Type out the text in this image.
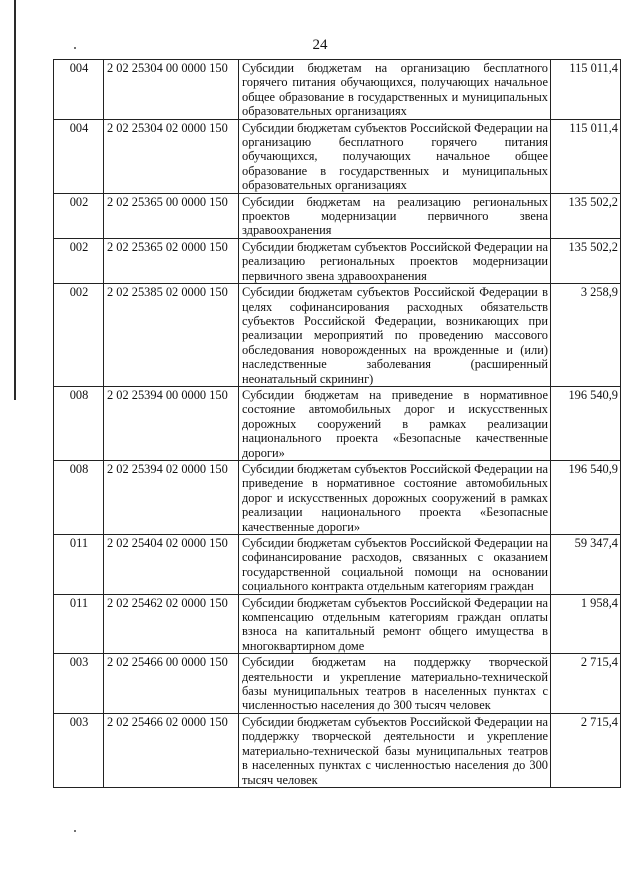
24
004	2 02 25304 00 0000 150	Субсидии бюджетам на организацию бесплатного горячего питания обучающихся, получающих начальное общее образование в государственных и муниципальных образовательных организациях	115 011,4
004	2 02 25304 02 0000 150	Субсидии бюджетам субъектов Российской Федерации на организацию бесплатного горячего питания обучающихся, получающих начальное общее образование в государственных и муниципальных образовательных организациях	115 011,4
002	2 02 25365 00 0000 150	Субсидии бюджетам на реализацию региональных проектов модернизации первичного звена здравоохранения	135 502,2
002	2 02 25365 02 0000 150	Субсидии бюджетам субъектов Российской Федерации на реализацию региональных проектов модернизации первичного звена здравоохранения	135 502,2
002	2 02 25385 02 0000 150	Субсидии бюджетам субъектов Российской Федерации в целях софинансирования расходных обязательств субъектов Российской Федерации, возникающих при реализации мероприятий по проведению массового обследования новорожденных на врожденные и (или) наследственные заболевания (расширенный неонатальный скрининг)	3 258,9
008	2 02 25394 00 0000 150	Субсидии бюджетам на приведение в нормативное состояние автомобильных дорог и искусственных дорожных сооружений в рамках реализации национального проекта «Безопасные качественные дороги»	196 540,9
008	2 02 25394 02 0000 150	Субсидии бюджетам субъектов Российской Федерации на приведение в нормативное состояние автомобильных дорог и искусственных дорожных сооружений в рамках реализации национального проекта «Безопасные качественные дороги»	196 540,9
011	2 02 25404 02 0000 150	Субсидии бюджетам субъектов Российской Федерации на софинансирование расходов, связанных с оказанием государственной социальной помощи на основании социального контракта отдельным категориям граждан	59 347,4
011	2 02 25462 02 0000 150	Субсидии бюджетам субъектов Российской Федерации на компенсацию отдельным категориям граждан оплаты взноса на капитальный ремонт общего имущества в многоквартирном доме	1 958,4
003	2 02 25466 00 0000 150	Субсидии бюджетам на поддержку творческой деятельности и укрепление материально-технической базы муниципальных театров в населенных пунктах с численностью населения до 300 тысяч человек	2 715,4
003	2 02 25466 02 0000 150	Субсидии бюджетам субъектов Российской Федерации на поддержку творческой деятельности и укрепление материально-технической базы муниципальных театров в населенных пунктах с численностью населения до 300 тысяч человек	2 715,4
